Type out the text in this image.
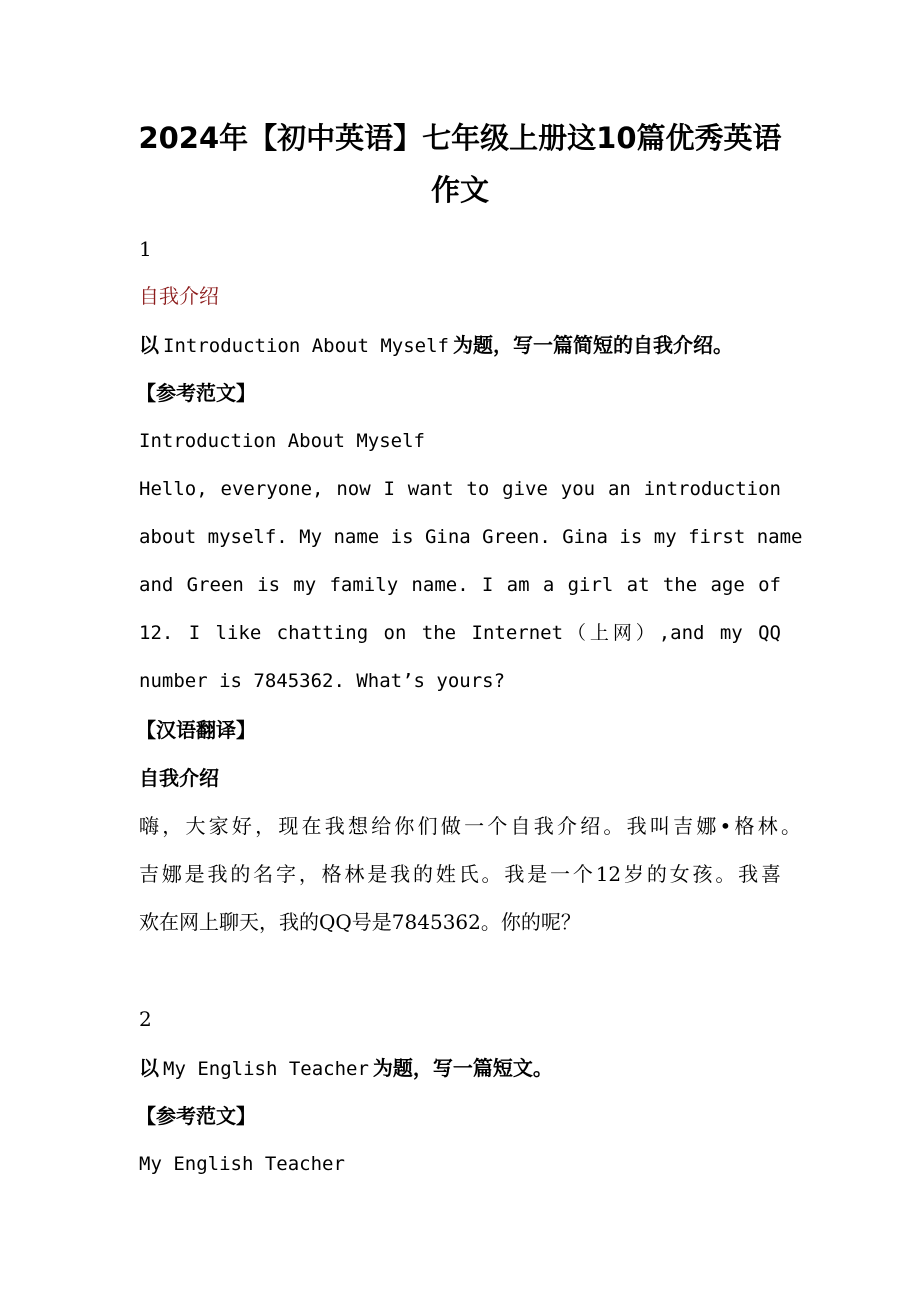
2024年【初中英语】七年级上册这10篇优秀英语
作文
1
自我介绍
以 Introduction About Myself 为题，写一篇简短的自我介绍。
【参考范文】
Introduction About Myself
Hello, everyone, now I want to give you an introduction
about myself. My name is Gina Green. Gina is my first name
and Green is my family name. I am a girl at the age of
12. I like chatting on the Internet（上网）,and my QQ
number is 7845362. What’s yours?
【汉语翻译】
自我介绍
嗨，大家好，现在我想给你们做一个自我介绍。我叫吉娜•格林。
吉娜是我的名字，格林是我的姓氏。我是一个12岁的女孩。我喜
欢在网上聊天，我的QQ号是7845362。你的呢？
2
以 My English Teacher 为题，写一篇短文。
【参考范文】
My English Teacher
